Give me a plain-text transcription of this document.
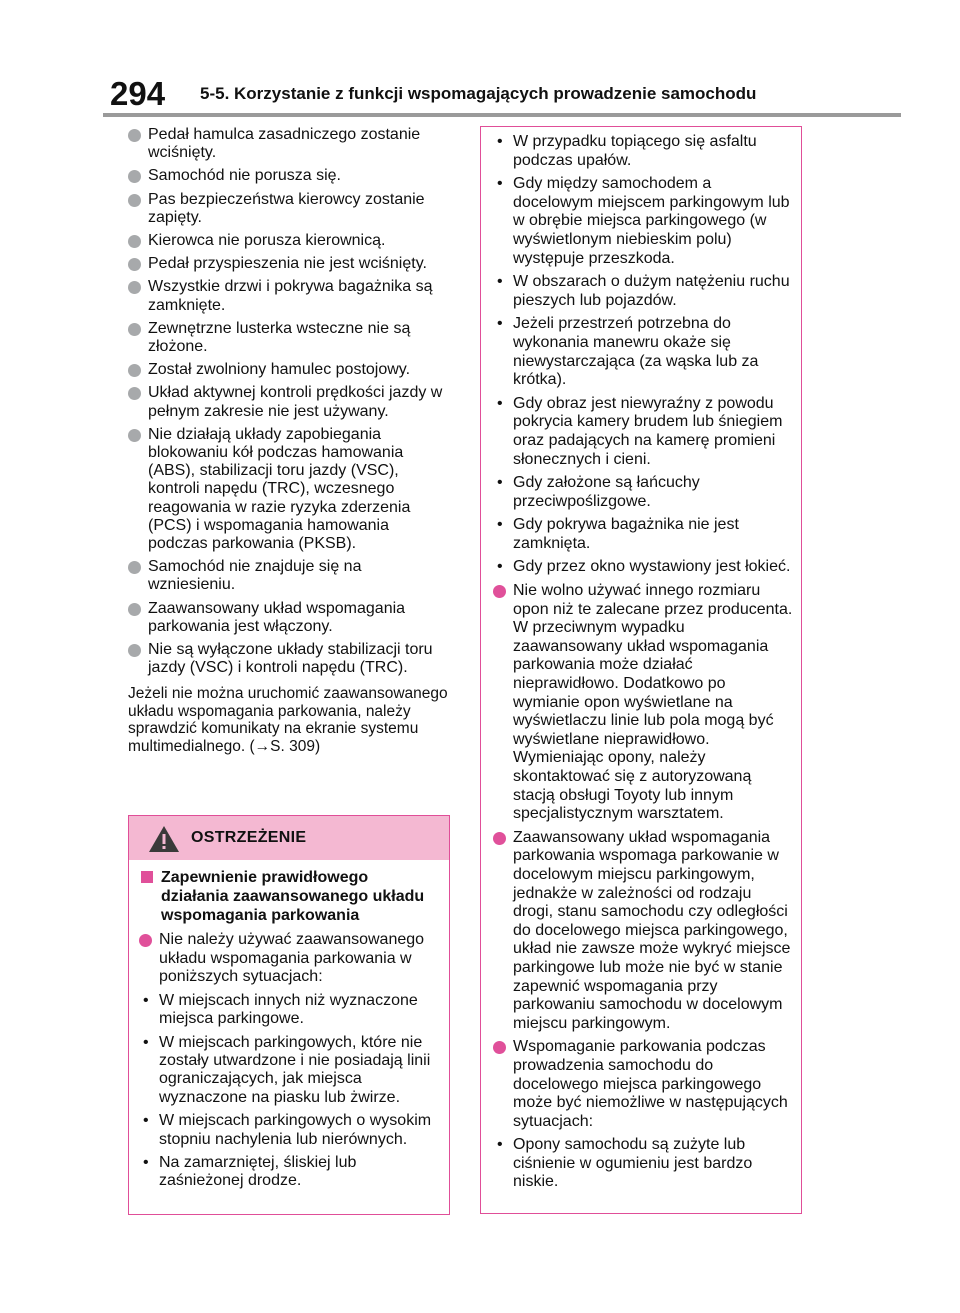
294 5-5. Korzystanie z funkcji wspomagających prowadzenie samochodu
Pedał hamulca zasadniczego zostanie wciśnięty.
Samochód nie porusza się.
Pas bezpieczeństwa kierowcy zostanie zapięty.
Kierowca nie porusza kierownicą.
Pedał przyspieszenia nie jest wciśnięty.
Wszystkie drzwi i pokrywa bagażnika są zamknięte.
Zewnętrzne lusterka wsteczne nie są złożone.
Został zwolniony hamulec postojowy.
Układ aktywnej kontroli prędkości jazdy w pełnym zakresie nie jest używany.
Nie działają układy zapobiegania blokowaniu kół podczas hamowania (ABS), stabilizacji toru jazdy (VSC), kontroli napędu (TRC), wczesnego reagowania w razie ryzyka zderzenia (PCS) i wspomagania hamowania podczas parkowania (PKSB).
Samochód nie znajduje się na wzniesieniu.
Zaawansowany układ wspomagania parkowania jest włączony.
Nie są wyłączone układy stabilizacji toru jazdy (VSC) i kontroli napędu (TRC).
Jeżeli nie można uruchomić zaawansowanego układu wspomagania parkowania, należy sprawdzić komunikaty na ekranie systemu multimedialnego. (→S. 309)
OSTRZEŻENIE
Zapewnienie prawidłowego działania zaawansowanego układu wspomagania parkowania
Nie należy używać zaawansowanego układu wspomagania parkowania w poniższych sytuacjach:
• W miejscach innych niż wyznaczone miejsca parkingowe.
• W miejscach parkingowych, które nie zostały utwardzone i nie posiadają linii ograniczających, jak miejsca wyznaczone na piasku lub żwirze.
• W miejscach parkingowych o wysokim stopniu nachylenia lub nierównych.
• Na zamarzniętej, śliskiej lub zaśnieżonej drodze.
• W przypadku topiącego się asfaltu podczas upałów.
• Gdy między samochodem a docelowym miejscem parkingowym lub w obrębie miejsca parkingowego (w wyświetlonym niebieskim polu) występuje przeszkoda.
• W obszarach o dużym natężeniu ruchu pieszych lub pojazdów.
• Jeżeli przestrzeń potrzebna do wykonania manewru okaże się niewystarczająca (za wąska lub za krótka).
• Gdy obraz jest niewyraźny z powodu pokrycia kamery brudem lub śniegiem oraz padających na kamerę promieni słonecznych i cieni.
• Gdy założone są łańcuchy przeciwpoślizgowe.
• Gdy pokrywa bagażnika nie jest zamknięta.
• Gdy przez okno wystawiony jest łokieć.
Nie wolno używać innego rozmiaru opon niż te zalecane przez producenta. W przeciwnym wypadku zaawansowany układ wspomagania parkowania może działać nieprawidłowo. Dodatkowo po wymianie opon wyświetlane na wyświetlaczu linie lub pola mogą być wyświetlane nieprawidłowo. Wymieniając opony, należy skontaktować się z autoryzowaną stacją obsługi Toyoty lub innym specjalistycznym warsztatem.
Zaawansowany układ wspomagania parkowania wspomaga parkowanie w docelowym miejscu parkingowym, jednakże w zależności od rodzaju drogi, stanu samochodu czy odległości do docelowego miejsca parkingowego, układ nie zawsze może wykryć miejsce parkingowe lub może nie być w stanie zapewnić wspomagania przy parkowaniu samochodu w docelowym miejscu parkingowym.
Wspomaganie parkowania podczas prowadzenia samochodu do docelowego miejsca parkingowego może być niemożliwe w następujących sytuacjach:
• Opony samochodu są zużyte lub ciśnienie w ogumieniu jest bardzo niskie.
